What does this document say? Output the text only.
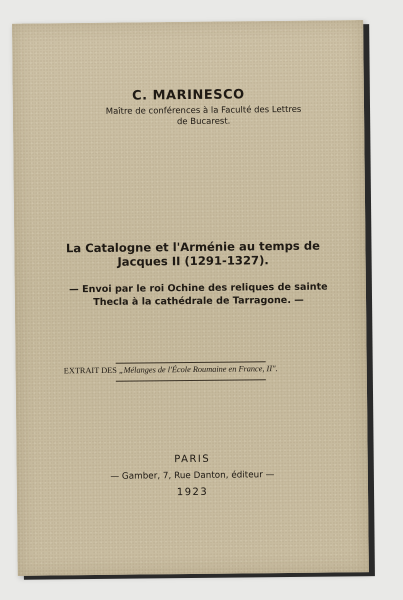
C. MARINESCO
Maître de conférences à la Faculté des Lettres
de Bucarest.
La Catalogne et l'Arménie au temps de
Jacques II (1291-1327).
— Envoi par le roi Ochine des reliques de sainte
Thecla à la cathédrale de Tarragone. —
EXTRAIT DES „Mélanges de l'École Roumaine en France, II".
PARIS
— Gamber, 7, Rue Danton, éditeur —
1923
